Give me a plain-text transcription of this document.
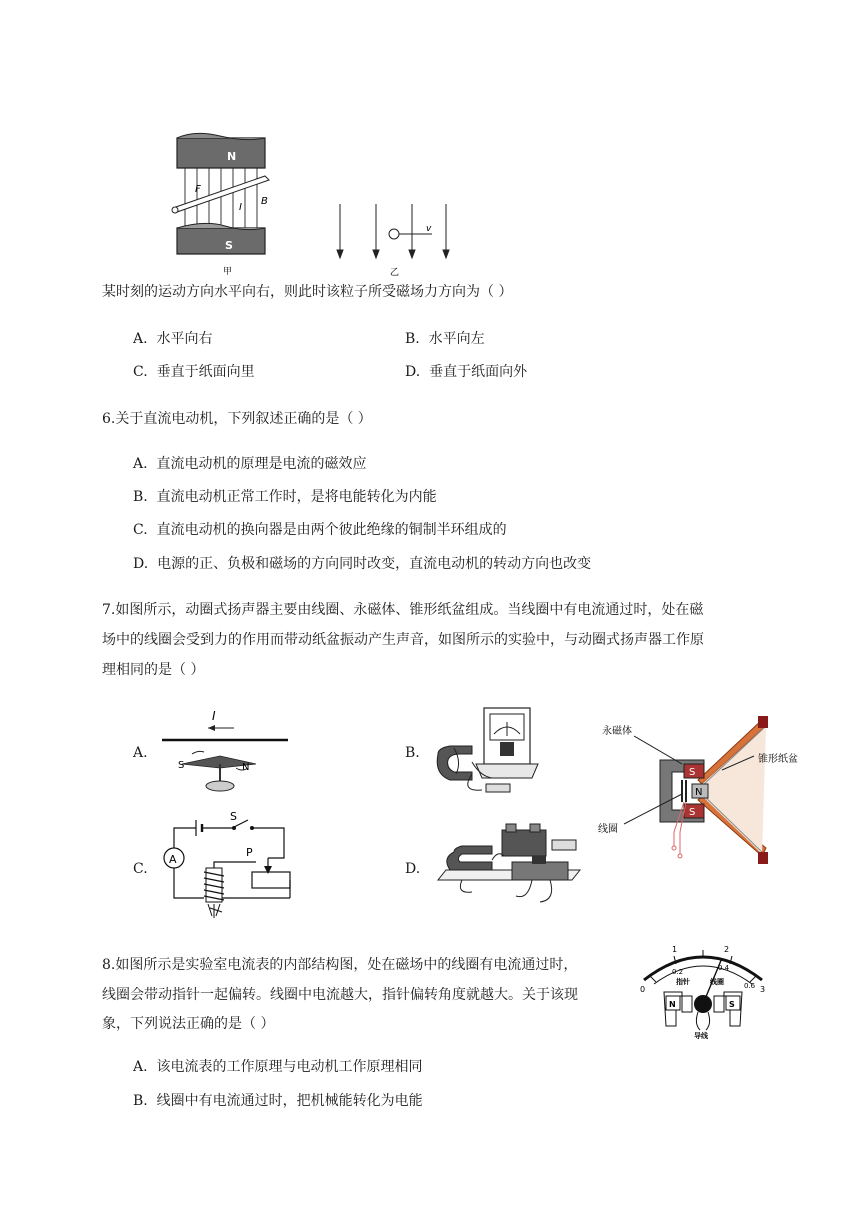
N
F
I
B
S
甲
v
乙
某时刻的运动方向水平向右，则此时该粒子所受磁场力方向为（ ）
A. 水平向右	B. 水平向左
C. 垂直于纸面向里	D. 垂直于纸面向外
6.关于直流电动机，下列叙述正确的是（ ）
A. 直流电动机的原理是电流的磁效应
B. 直流电动机正常工作时，是将电能转化为内能
C. 直流电动机的换向器是由两个彼此绝缘的铜制半环组成的
D. 电源的正、负极和磁场的方向同时改变，直流电动机的转动方向也改变
7.如图所示，动圈式扬声器主要由线圈、永磁体、锥形纸盆组成。当线圈中有电流通过时，处在磁
场中的线圈会受到力的作用而带动纸盆振动产生声音，如图所示的实验中，与动圈式扬声器工作原
理相同的是（ ）
A.	B.
C.	D.
I
S	N
S
A
P
S
N
S
永磁体
锥形纸盆
线圈
8.如图所示是实验室电流表的内部结构图，处在磁场中的线圈有电流通过时，
线圈会带动指针一起偏转。线圈中电流越大，指针偏转角度就越大。关于该现
象，下列说法正确的是（ ）
0
1	2
3
0.2	0.4
0.6
指针	线圈
N	S
导线
A. 该电流表的工作原理与电动机工作原理相同
B. 线圈中有电流通过时，把机械能转化为电能
